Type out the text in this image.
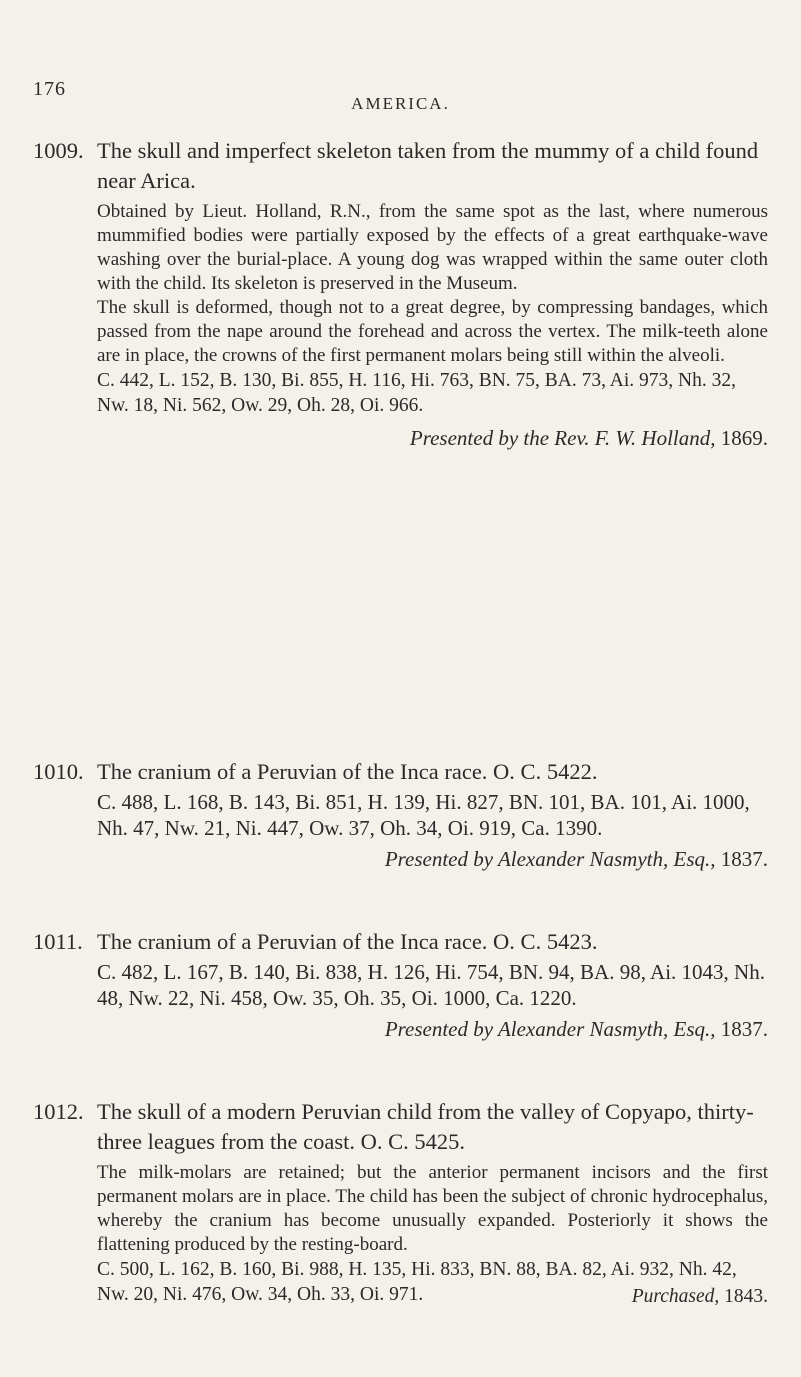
176
AMERICA.
1009. The skull and imperfect skeleton taken from the mummy of a child found near Arica.

Obtained by Lieut. Holland, R.N., from the same spot as the last, where numerous mummified bodies were partially exposed by the effects of a great earthquake-wave washing over the burial-place. A young dog was wrapped within the same outer cloth with the child. Its skeleton is preserved in the Museum.

The skull is deformed, though not to a great degree, by compressing bandages, which passed from the nape around the forehead and across the vertex. The milk-teeth alone are in place, the crowns of the first permanent molars being still within the alveoli.

C. 442, L. 152, B. 130, Bi. 855, H. 116, Hi. 763, BN. 75, BA. 73, Ai. 973, Nh. 32, Nw. 18, Ni. 562, Ow. 29, Oh. 28, Oi. 966.
Presented by the Rev. F. W. Holland, 1869.
1010. The cranium of a Peruvian of the Inca race. O. C. 5422.
C. 488, L. 168, B. 143, Bi. 851, H. 139, Hi. 827, BN. 101, BA. 101, Ai. 1000, Nh. 47, Nw. 21, Ni. 447, Ow. 37, Oh. 34, Oi. 919, Ca. 1390.
Presented by Alexander Nasmyth, Esq., 1837.
1011. The cranium of a Peruvian of the Inca race. O. C. 5423.
C. 482, L. 167, B. 140, Bi. 838, H. 126, Hi. 754, BN. 94, BA. 98, Ai. 1043, Nh. 48, Nw. 22, Ni. 458, Ow. 35, Oh. 35, Oi. 1000, Ca. 1220.
Presented by Alexander Nasmyth, Esq., 1837.
1012. The skull of a modern Peruvian child from the valley of Copyapo, thirty-three leagues from the coast. O. C. 5425.

The milk-molars are retained; but the anterior permanent incisors and the first permanent molars are in place. The child has been the subject of chronic hydrocephalus, whereby the cranium has become unusually expanded. Posteriorly it shows the flattening produced by the resting-board.

C. 500, L. 162, B. 160, Bi. 988, H. 135, Hi. 833, BN. 88, BA. 82, Ai. 932, Nh. 42, Nw. 20, Ni. 476, Ow. 34, Oh. 33, Oi. 971.	Purchased, 1843.
